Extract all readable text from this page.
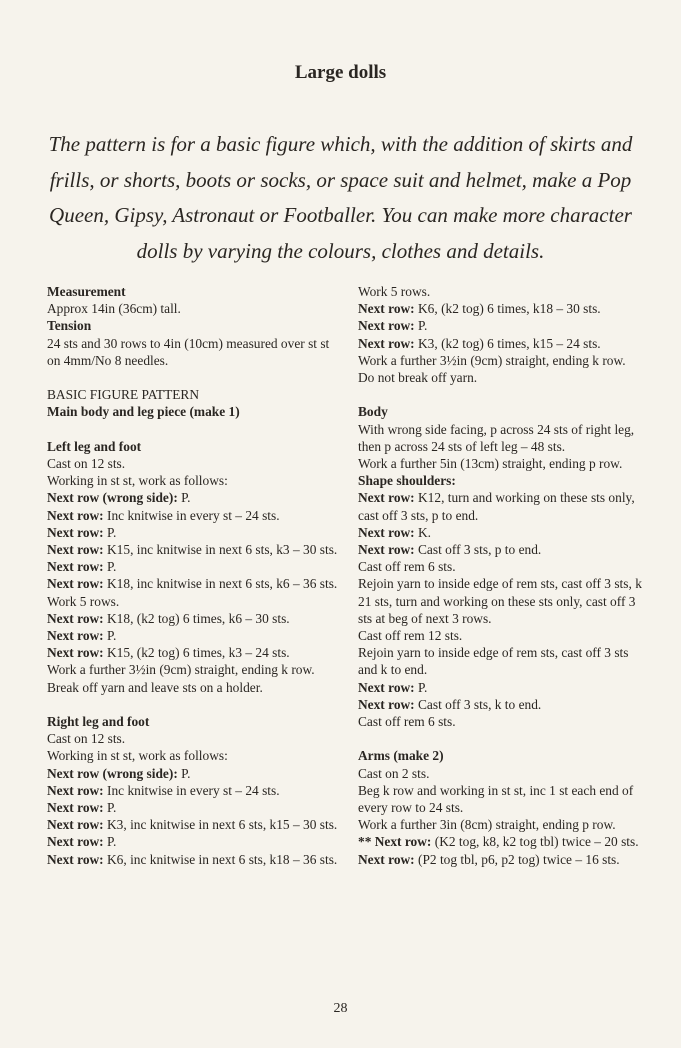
Large dolls
The pattern is for a basic figure which, with the addition of skirts and frills, or shorts, boots or socks, or space suit and helmet, make a Pop Queen, Gipsy, Astronaut or Footballer. You can make more character dolls by varying the colours, clothes and details.

Measurement

Approx 14in (36cm) tall.

Tension

24 sts and 30 rows to 4in (10cm) measured over st st on 4mm/No 8 needles.

BASIC FIGURE PATTERN

Main body and leg piece (make 1)

Left leg and foot

Cast on 12 sts.

Working in st st, work as follows:

Next row (wrong side): P.

Next row: Inc knitwise in every st – 24 sts.

Next row: P.

Next row: K15, inc knitwise in next 6 sts, k3 – 30 sts.

Next row: P.

Next row: K18, inc knitwise in next 6 sts, k6 – 36 sts.

Work 5 rows.

Next row: K18, (k2 tog) 6 times, k6 – 30 sts.

Next row: P.

Next row: K15, (k2 tog) 6 times, k3 – 24 sts.

Work a further 3½in (9cm) straight, ending k row.

Break off yarn and leave sts on a holder.

Right leg and foot

Cast on 12 sts.

Working in st st, work as follows:

Next row (wrong side): P.

Next row: Inc knitwise in every st – 24 sts.

Next row: P.

Next row: K3, inc knitwise in next 6 sts, k15 – 30 sts.

Next row: P.

Next row: K6, inc knitwise in next 6 sts, k18 – 36 sts.

Work 5 rows.

Next row: K6, (k2 tog) 6 times, k18 – 30 sts.

Next row: P.

Next row: K3, (k2 tog) 6 times, k15 – 24 sts.

Work a further 3½in (9cm) straight, ending k row.

Do not break off yarn.

Body

With wrong side facing, p across 24 sts of right leg, then p across 24 sts of left leg – 48 sts.

Work a further 5in (13cm) straight, ending p row.

Shape shoulders:

Next row: K12, turn and working on these sts only, cast off 3 sts, p to end.

Next row: K.

Next row: Cast off 3 sts, p to end.

Cast off rem 6 sts.

Rejoin yarn to inside edge of rem sts, cast off 3 sts, k 21 sts, turn and working on these sts only, cast off 3 sts at beg of next 3 rows.

Cast off rem 12 sts.

Rejoin yarn to inside edge of rem sts, cast off 3 sts and k to end.

Next row: P.

Next row: Cast off 3 sts, k to end.

Cast off rem 6 sts.

Arms (make 2)

Cast on 2 sts.

Beg k row and working in st st, inc 1 st each end of every row to 24 sts.

Work a further 3in (8cm) straight, ending p row.

** Next row: (K2 tog, k8, k2 tog tbl) twice – 20 sts.

Next row: (P2 tog tbl, p6, p2 tog) twice – 16 sts.

28
